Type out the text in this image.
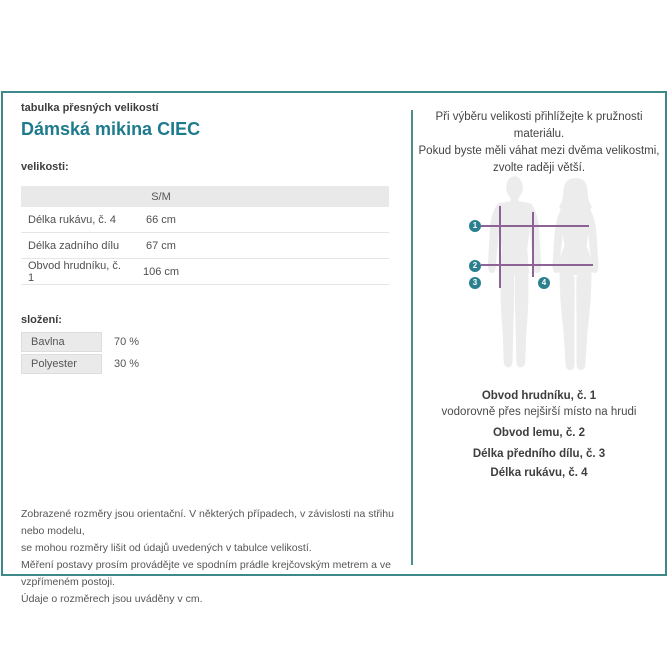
tabulka přesných velikostí
Dámská mikina CIEC
velikosti:
S/M
Délka rukávu, č. 4	66 cm
Délka zadního dílu	67 cm
Obvod hrudníku, č. 1	106 cm
složení:
Bavlna	70 %
Polyester	30 %
Zobrazené rozměry jsou orientační. V některých případech, v závislosti na střihu nebo modelu,
se mohou rozměry lišit od údajů uvedených v tabulce velikostí.
Měření postavy prosím provádějte ve spodním prádle krejčovským metrem a ve vzpřímeném postoji.
Údaje o rozměrech jsou uváděny v cm.
Při výběru velikosti přihlížejte k pružnosti materiálu.
Pokud byste měli váhat mezi dvěma velikostmi,
zvolte raději větší.
1
2
3	4
Obvod hrudníku, č. 1
vodorovně přes nejširší místo na hrudi
Obvod lemu, č. 2
Délka předního dílu, č. 3
Délka rukávu, č. 4
